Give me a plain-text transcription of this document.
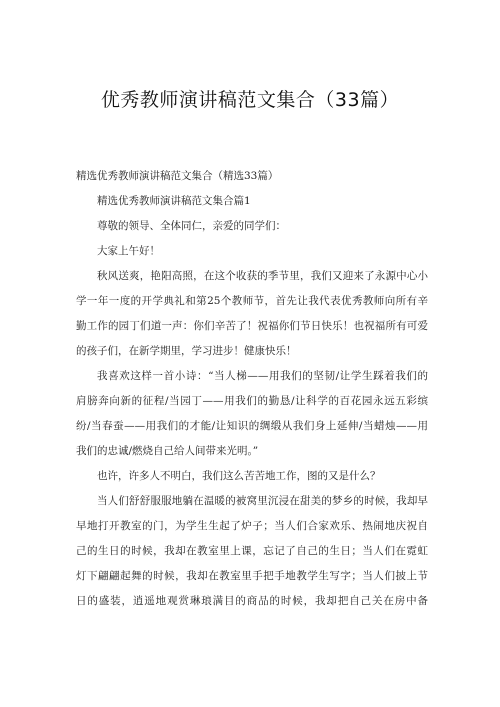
优秀教师演讲稿范文集合（33篇）
精选优秀教师演讲稿范文集合（精选33篇）
精选优秀教师演讲稿范文集合篇1
尊敬的领导、全体同仁，亲爱的同学们：
大家上午好！
秋风送爽，艳阳高照，在这个收获的季节里，我们又迎来了永源中心小
学一年一度的开学典礼和第25个教师节，首先让我代表优秀教师向所有辛
勤工作的园丁们道一声：你们辛苦了！祝福你们节日快乐！也祝福所有可爱
的孩子们，在新学期里，学习进步！健康快乐！
我喜欢这样一首小诗：“当人梯——用我们的坚韧/让学生踩着我们的
肩膀奔向新的征程/当园丁——用我们的勤恳/让科学的百花园永远五彩缤
纷/当春蚕——用我们的才能/让知识的绸缎从我们身上延伸/当蜡烛——用
我们的忠诚/燃烧自己给人间带来光明。”
也许，许多人不明白，我们这么苦苦地工作，图的又是什么？
当人们舒舒服服地躺在温暖的被窝里沉浸在甜美的梦乡的时候，我却早
早地打开教室的门，为学生生起了炉子；当人们合家欢乐、热闹地庆祝自
己的生日的时候，我却在教室里上课，忘记了自己的生日；当人们在霓虹
灯下翩翩起舞的时候，我却在教室里手把手地教学生写字；当人们披上节
日的盛装，逍遥地观赏琳琅满目的商品的时候，我却把自己关在房中备
